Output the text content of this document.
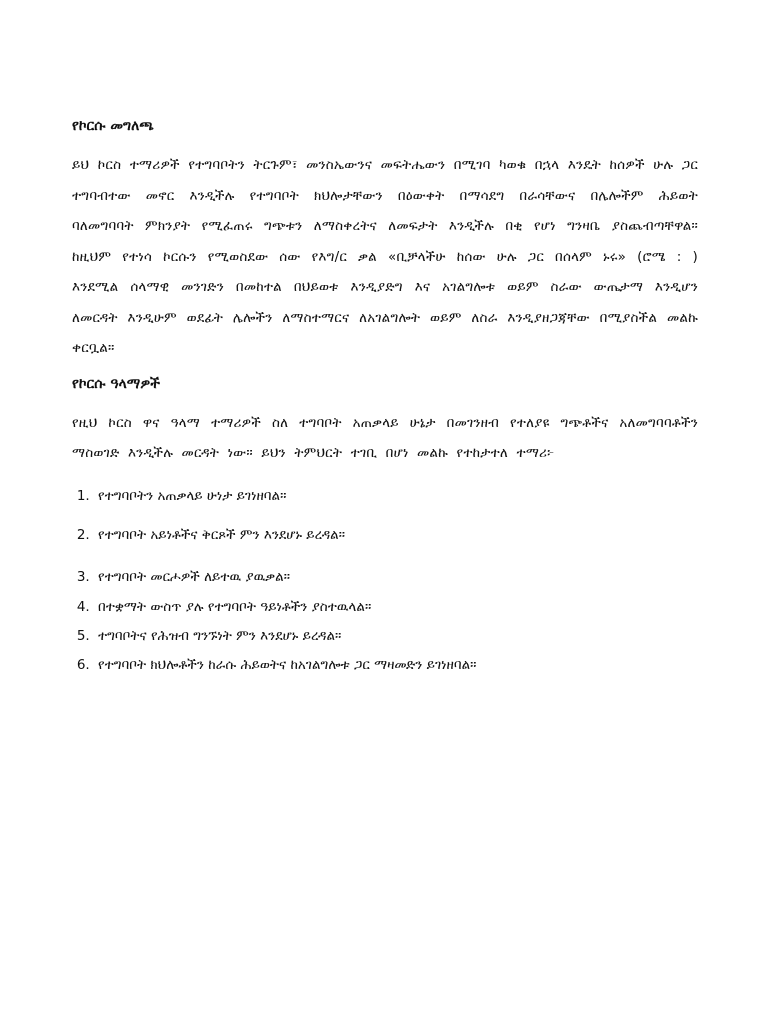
የኮርሱ መግለጫ

ይህ ኮርስ ተማሪዎች የተግባቦትን ትርጉም፣ መንስኤውንና መፍትሔውን በሚገባ ካወቁ በኋላ እንዴት ከሰዎች ሁሉ ጋር ተግባብተው መኖር እንዲችሉ የተግባቦት ክህሎታቸውን በዕውቀት በማሳደግ በራሳቸውና በሌሎችም ሕይወት ባለመግባባት ምክንያት የሚፈጠሩ ግጭቱን ለማስቀረትና ለመፍታት እንዲችሉ በቂ የሆነ ግንዛቤ ያስጨብጣቸዋል። ከዚህም የተነሳ ኮርሱን የሚወስደው ሰው የእግ/ር ቃል «ቢቻላችሁ ከሰው ሁሉ ጋር በሰላም ኑሩ» (ሮሜ : ) እንደሚል ሰላማዊ መንገድን በመከተል በህይወቱ እንዲያድግ እና አገልግሎቱ ወይም ስራው ውጤታማ እንዲሆን ለመርዳት እንዲሁም ወደፊት ሌሎችን ለማስተማርና ለአገልግሎት ወይም ለስራ እንዲያዘጋጃቸው በሚያስችል መልኩ ቀርቧል።

የኮርሱ ዓላማዎች

የዚህ ኮርስ ዋና ዓላማ ተማሪዎች ስለ ተግባቦት አጠቃላይ ሁኔታ በመገንዘብ የተለያዩ ግጭቶችና አለመግባባቶችን ማስወገድ እንዲችሉ መርዳት ነው። ይህን ትምህርት ተገቢ በሆነ መልኩ የተከታተለ ተማሪ፦

1. የተግባቦትን አጠቃላይ ሁነታ ይገነዘባል።
2. የተግባቦት አይነቶችና ቅርጾች ምን እንደሆኑ ይረዳል።
3. የተግባቦት መርሖዎች ለይተዉ ያዉቃል።
4. በተቋማት ውስጥ ያሉ የተግባቦት ዓይነቶችን ያስተዉላል።
5. ተግባቦትና የሕዝብ ግንኙነት ምን እንደሆኑ ይረዳል።
6. የተግባቦት ክህሎቶችን ከራሱ ሕይወትና ከአገልግሎቱ ጋር ማዛመድን ይገነዘባል።
